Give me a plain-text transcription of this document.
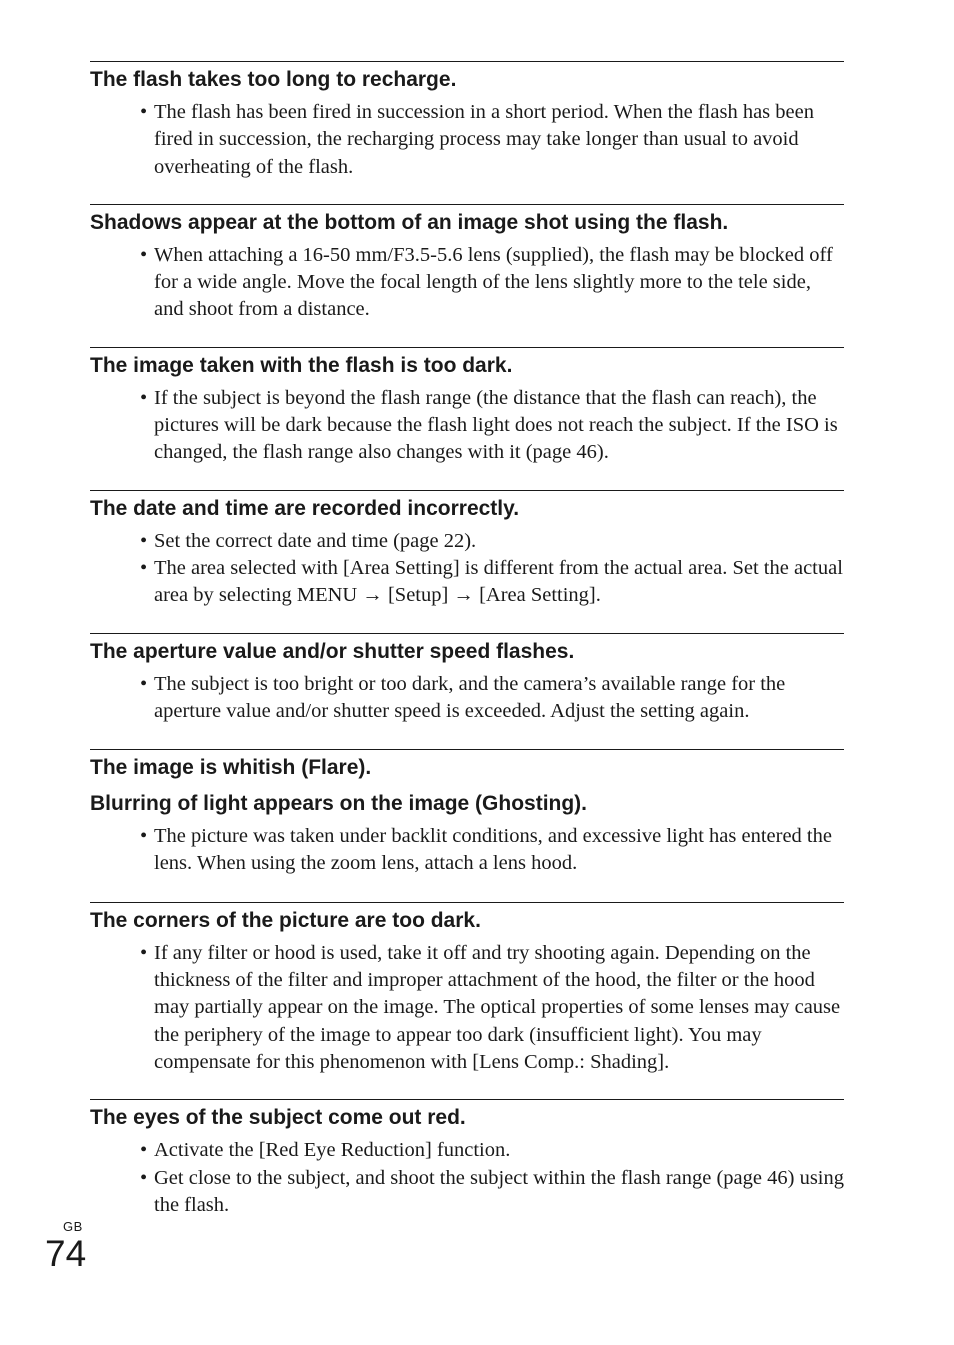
The flash takes too long to recharge.
• The flash has been fired in succession in a short period. When the flash has been fired in succession, the recharging process may take longer than usual to avoid overheating of the flash.
Shadows appear at the bottom of an image shot using the flash.
• When attaching a 16-50 mm/F3.5-5.6 lens (supplied), the flash may be blocked off for a wide angle. Move the focal length of the lens slightly more to the tele side, and shoot from a distance.
The image taken with the flash is too dark.
• If the subject is beyond the flash range (the distance that the flash can reach), the pictures will be dark because the flash light does not reach the subject. If the ISO is changed, the flash range also changes with it (page 46).
The date and time are recorded incorrectly.
• Set the correct date and time (page 22).
• The area selected with [Area Setting] is different from the actual area. Set the actual area by selecting MENU → [Setup] → [Area Setting].
The aperture value and/or shutter speed flashes.
• The subject is too bright or too dark, and the camera’s available range for the aperture value and/or shutter speed is exceeded. Adjust the setting again.
The image is whitish (Flare).
Blurring of light appears on the image (Ghosting).
• The picture was taken under backlit conditions, and excessive light has entered the lens. When using the zoom lens, attach a lens hood.
The corners of the picture are too dark.
• If any filter or hood is used, take it off and try shooting again. Depending on the thickness of the filter and improper attachment of the hood, the filter or the hood may partially appear on the image. The optical properties of some lenses may cause the periphery of the image to appear too dark (insufficient light). You may compensate for this phenomenon with [Lens Comp.: Shading].
The eyes of the subject come out red.
• Activate the [Red Eye Reduction] function.
• Get close to the subject, and shoot the subject within the flash range (page 46) using the flash.
GB
74
